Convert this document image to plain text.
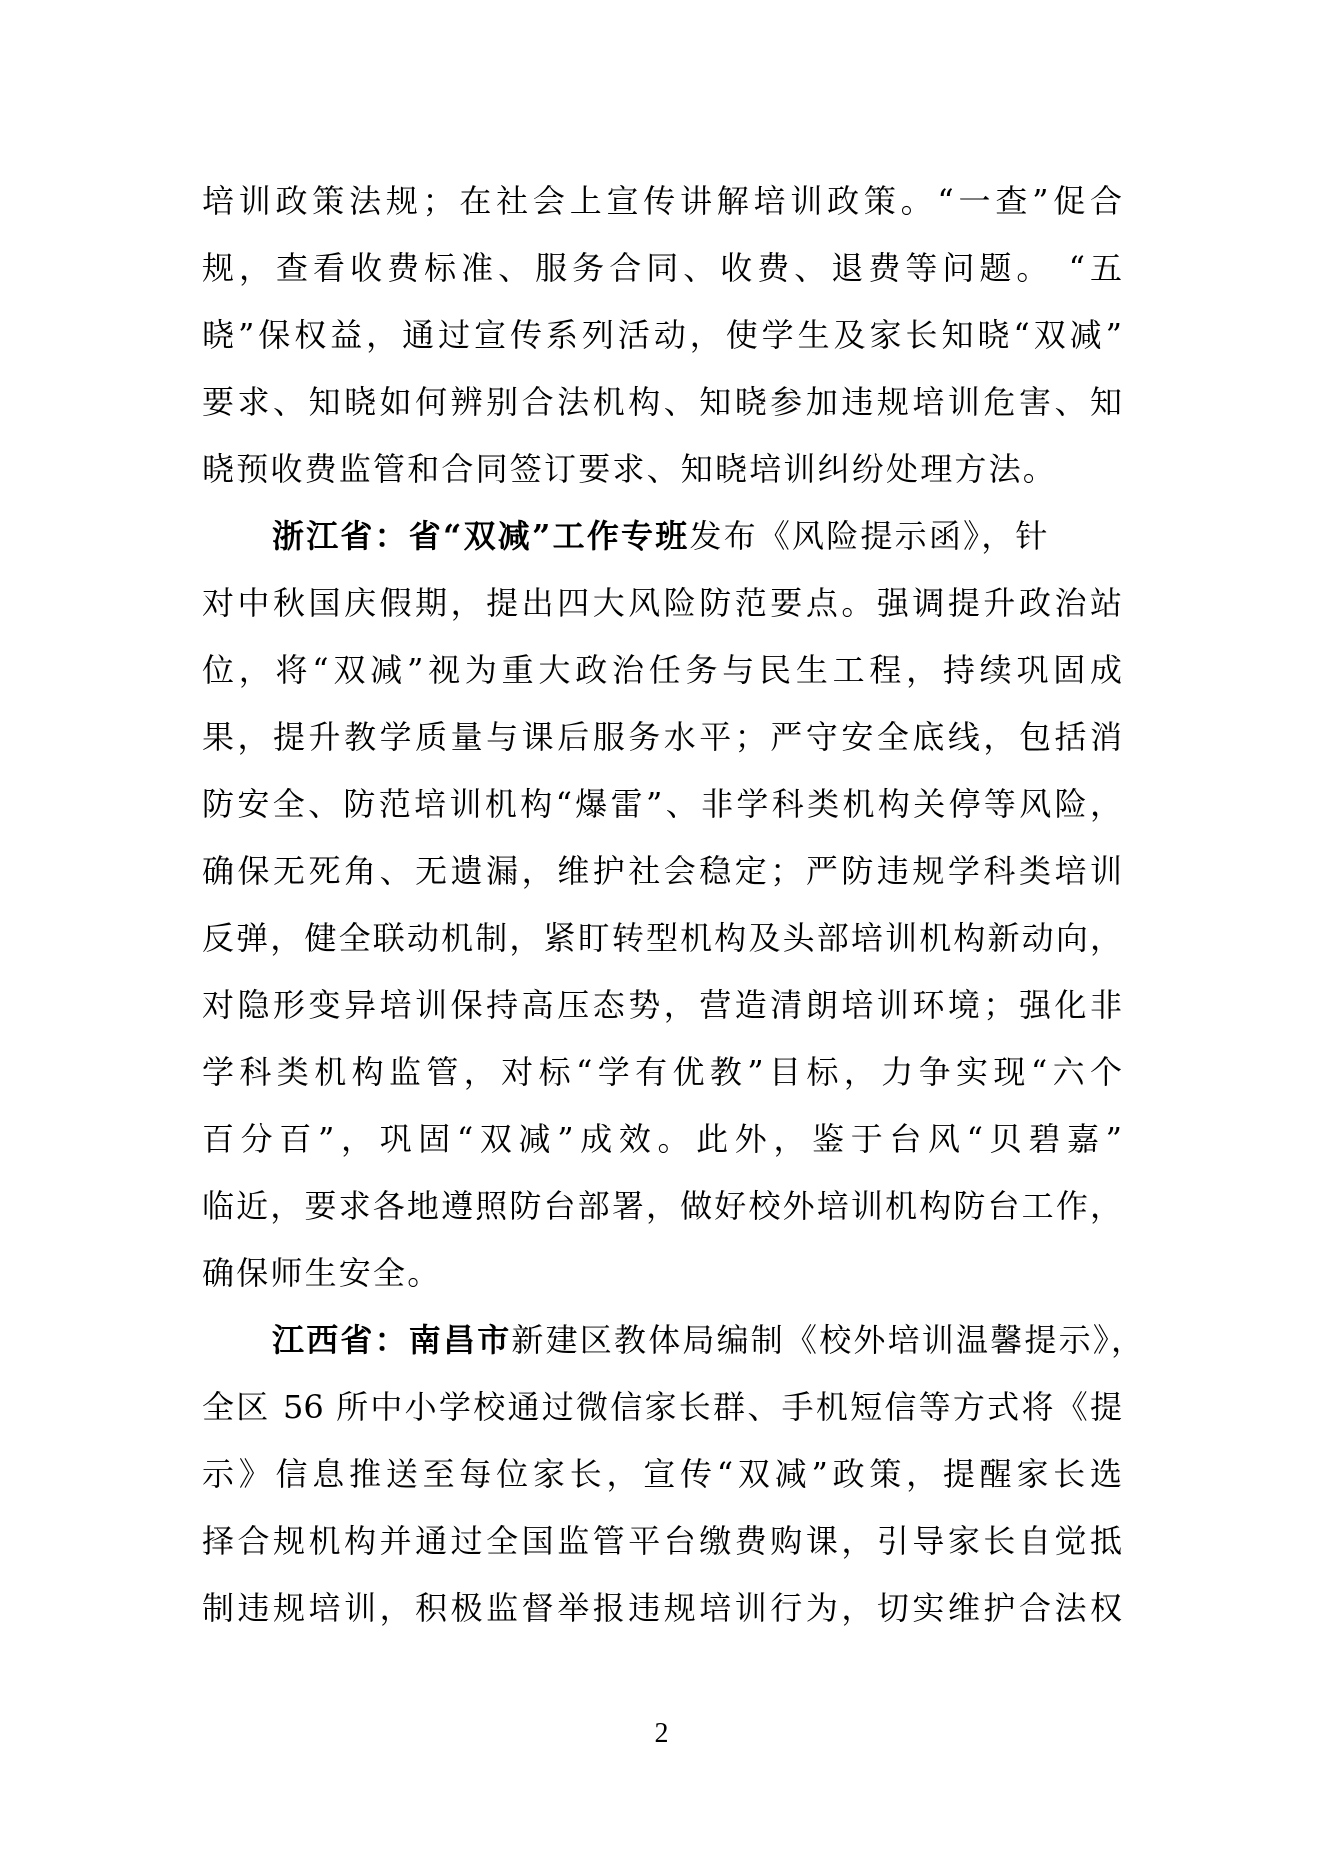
培训政策法规；在社会上宣传讲解培训政策。“一查”促合
规，查看收费标准、服务合同、收费、退费等问题。 “五
晓”保权益，通过宣传系列活动，使学生及家长知晓“双减”
要求、知晓如何辨别合法机构、知晓参加违规培训危害、知
晓预收费监管和合同签订要求、知晓培训纠纷处理方法。
浙江省：省“双减”工作专班发布《风险提示函》，针
对中秋国庆假期，提出四大风险防范要点。强调提升政治站
位，将“双减”视为重大政治任务与民生工程，持续巩固成
果，提升教学质量与课后服务水平；严守安全底线，包括消
防安全、防范培训机构“爆雷”、非学科类机构关停等风险，
确保无死角、无遗漏，维护社会稳定；严防违规学科类培训
反弹，健全联动机制，紧盯转型机构及头部培训机构新动向，
对隐形变异培训保持高压态势，营造清朗培训环境；强化非
学科类机构监管，对标“学有优教”目标，力争实现“六个
百分百”，巩固“双减”成效。此外，鉴于台风“贝碧嘉”
临近，要求各地遵照防台部署，做好校外培训机构防台工作，
确保师生安全。
江西省：南昌市新建区教体局编制《校外培训温馨提示》，
全区 56 所中小学校通过微信家长群、手机短信等方式将《提
示》信息推送至每位家长，宣传“双减”政策，提醒家长选
择合规机构并通过全国监管平台缴费购课，引导家长自觉抵
制违规培训，积极监督举报违规培训行为，切实维护合法权
2
